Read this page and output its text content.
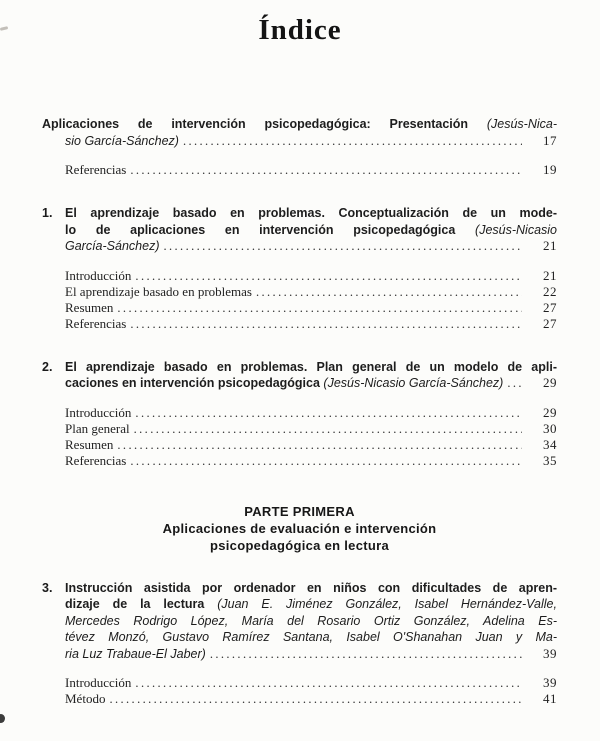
Índice
Aplicaciones de intervención psicopedagógica: Presentación (Jesús-Nica-
sio García-Sánchez) .....	17
Referencias .....	19
1. El aprendizaje basado en problemas. Conceptualización de un mode-
lo de aplicaciones en intervención psicopedagógica (Jesús-Nicasio
García-Sánchez) .....	21
Introducción .....	21
El aprendizaje basado en problemas .....	22
Resumen .....	27
Referencias .....	27
2. El aprendizaje basado en problemas. Plan general de un modelo de apli-
caciones en intervención psicopedagógica (Jesús-Nicasio García-Sánchez) .....	29
Introducción .....	29
Plan general .....	30
Resumen .....	34
Referencias .....	35
PARTE PRIMERA
Aplicaciones de evaluación e intervención
psicopedagógica en lectura
3. Instrucción asistida por ordenador en niños con dificultades de apren-
dizaje de la lectura (Juan E. Jiménez González, Isabel Hernández-Valle,
Mercedes Rodrigo López, María del Rosario Ortiz González, Adelina Es-
tévez Monzó, Gustavo Ramírez Santana, Isabel O'Shanahan Juan y Ma-
ria Luz Trabaue-El Jaber) .....	39
Introducción .....	39
Método .....	41
